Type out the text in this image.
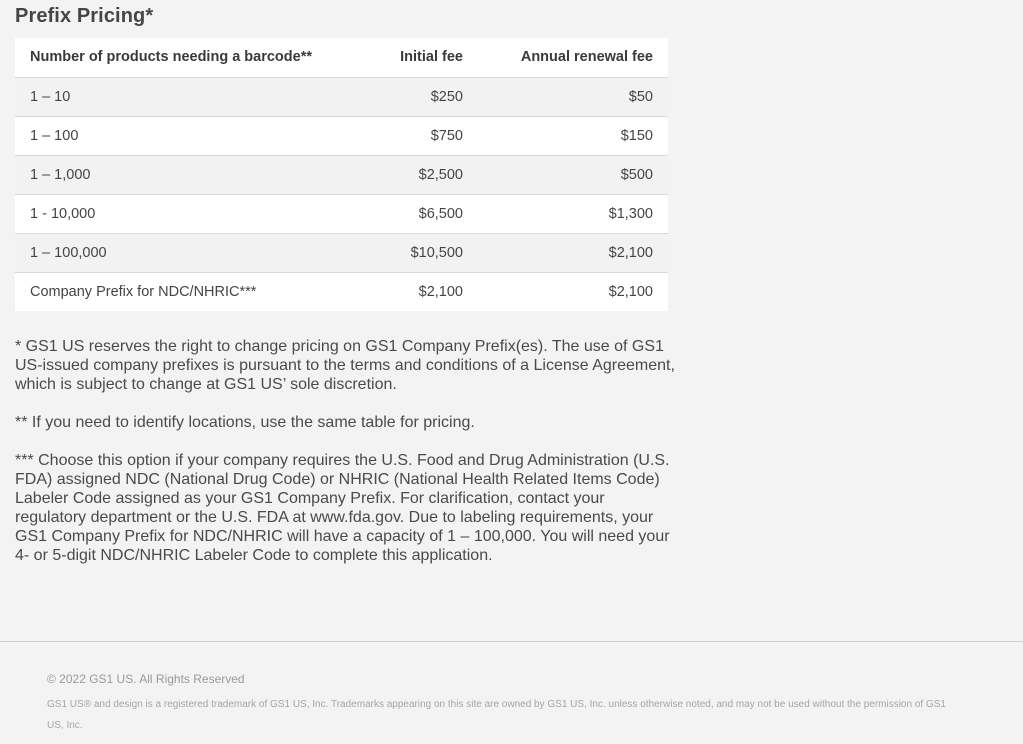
Prefix Pricing*
Number of products needing a barcode**	Initial fee	Annual renewal fee
1 – 10	$250	$50
1 – 100	$750	$150
1 – 1,000	$2,500	$500
1 - 10,000	$6,500	$1,300
1 – 100,000	$10,500	$2,100
Company Prefix for NDC/NHRIC***	$2,100	$2,100

* GS1 US reserves the right to change pricing on GS1 Company Prefix(es). The use of GS1 US-issued company prefixes is pursuant to the terms and conditions of a License Agreement, which is subject to change at GS1 US’ sole discretion.

** If you need to identify locations, use the same table for pricing.

*** Choose this option if your company requires the U.S. Food and Drug Administration (U.S. FDA) assigned NDC (National Drug Code) or NHRIC (National Health Related Items Code) Labeler Code assigned as your GS1 Company Prefix. For clarification, contact your regulatory department or the U.S. FDA at www.fda.gov. Due to labeling requirements, your GS1 Company Prefix for NDC/NHRIC will have a capacity of 1 – 100,000. You will need your 4- or 5-digit NDC/NHRIC Labeler Code to complete this application.

© 2022 GS1 US. All Rights Reserved
GS1 US® and design is a registered trademark of GS1 US, Inc. Trademarks appearing on this site are owned by GS1 US, Inc. unless otherwise noted, and may not be used without the permission of GS1 US, Inc.
